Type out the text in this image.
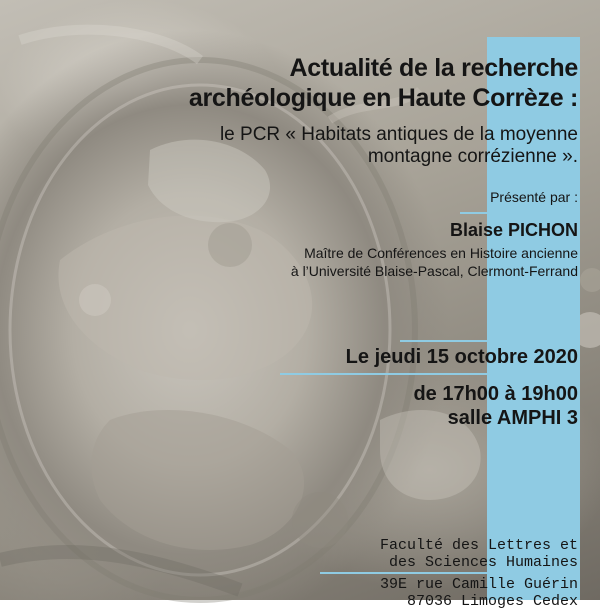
Actualité de la recherche
archéologique en Haute Corrèze :
le PCR « Habitats antiques de la moyenne
montagne corrézienne ».
Présenté par :
Blaise PICHON
Maître de Conférences en Histoire ancienne
à l’Université Blaise-Pascal, Clermont-Ferrand
Le jeudi 15 octobre 2020
de 17h00 à 19h00
salle AMPHI 3
Faculté des Lettres et
des Sciences Humaines
39E rue Camille Guérin
87036 Limoges Cedex
